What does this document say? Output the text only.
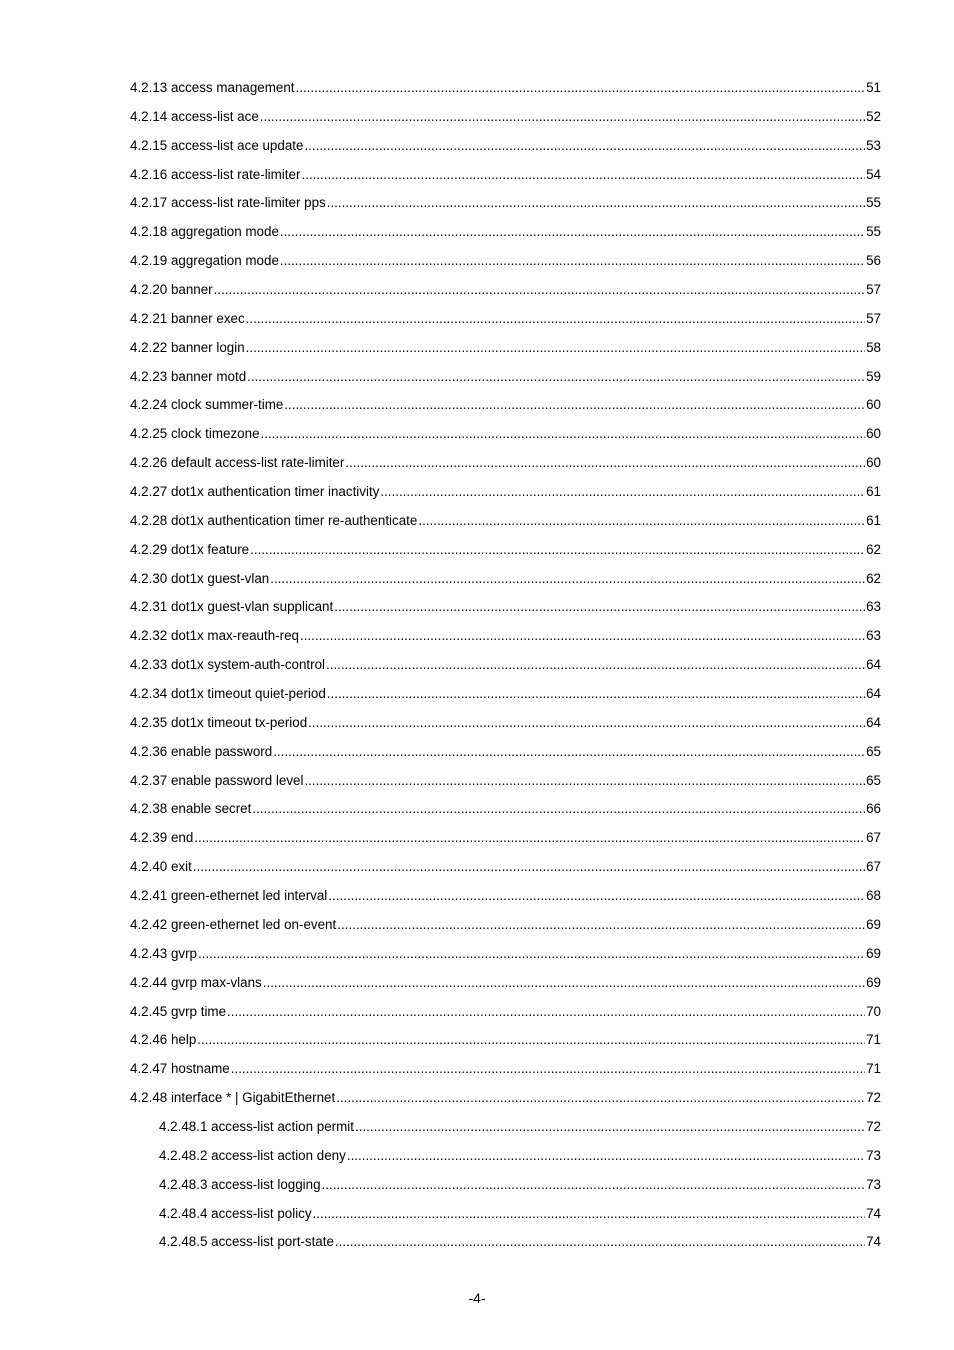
4.2.13 access management .....	51
4.2.14 access-list ace .....	52
4.2.15 access-list ace update .....	53
4.2.16 access-list rate-limiter .....	54
4.2.17 access-list rate-limiter pps .....	55
4.2.18 aggregation mode .....	55
4.2.19 aggregation mode .....	56
4.2.20 banner .....	57
4.2.21 banner exec .....	57
4.2.22 banner login .....	58
4.2.23 banner motd .....	59
4.2.24 clock summer-time .....	60
4.2.25 clock timezone .....	60
4.2.26 default access-list rate-limiter .....	60
4.2.27 dot1x authentication timer inactivity .....	61
4.2.28 dot1x authentication timer re-authenticate .....	61
4.2.29 dot1x feature .....	62
4.2.30 dot1x guest-vlan .....	62
4.2.31 dot1x guest-vlan supplicant .....	63
4.2.32 dot1x max-reauth-req .....	63
4.2.33 dot1x system-auth-control .....	64
4.2.34 dot1x timeout quiet-period .....	64
4.2.35 dot1x timeout tx-period .....	64
4.2.36 enable password .....	65
4.2.37 enable password level .....	65
4.2.38 enable secret .....	66
4.2.39 end .....	67
4.2.40 exit .....	67
4.2.41 green-ethernet led interval .....	68
4.2.42 green-ethernet led on-event .....	69
4.2.43 gvrp .....	69
4.2.44 gvrp max-vlans .....	69
4.2.45 gvrp time .....	70
4.2.46 help .....	71
4.2.47 hostname .....	71
4.2.48 interface * | GigabitEthernet .....	72
4.2.48.1 access-list action permit .....	72
4.2.48.2 access-list action deny .....	73
4.2.48.3 access-list logging .....	73
4.2.48.4 access-list policy .....	74
4.2.48.5 access-list port-state .....	74
-4-
